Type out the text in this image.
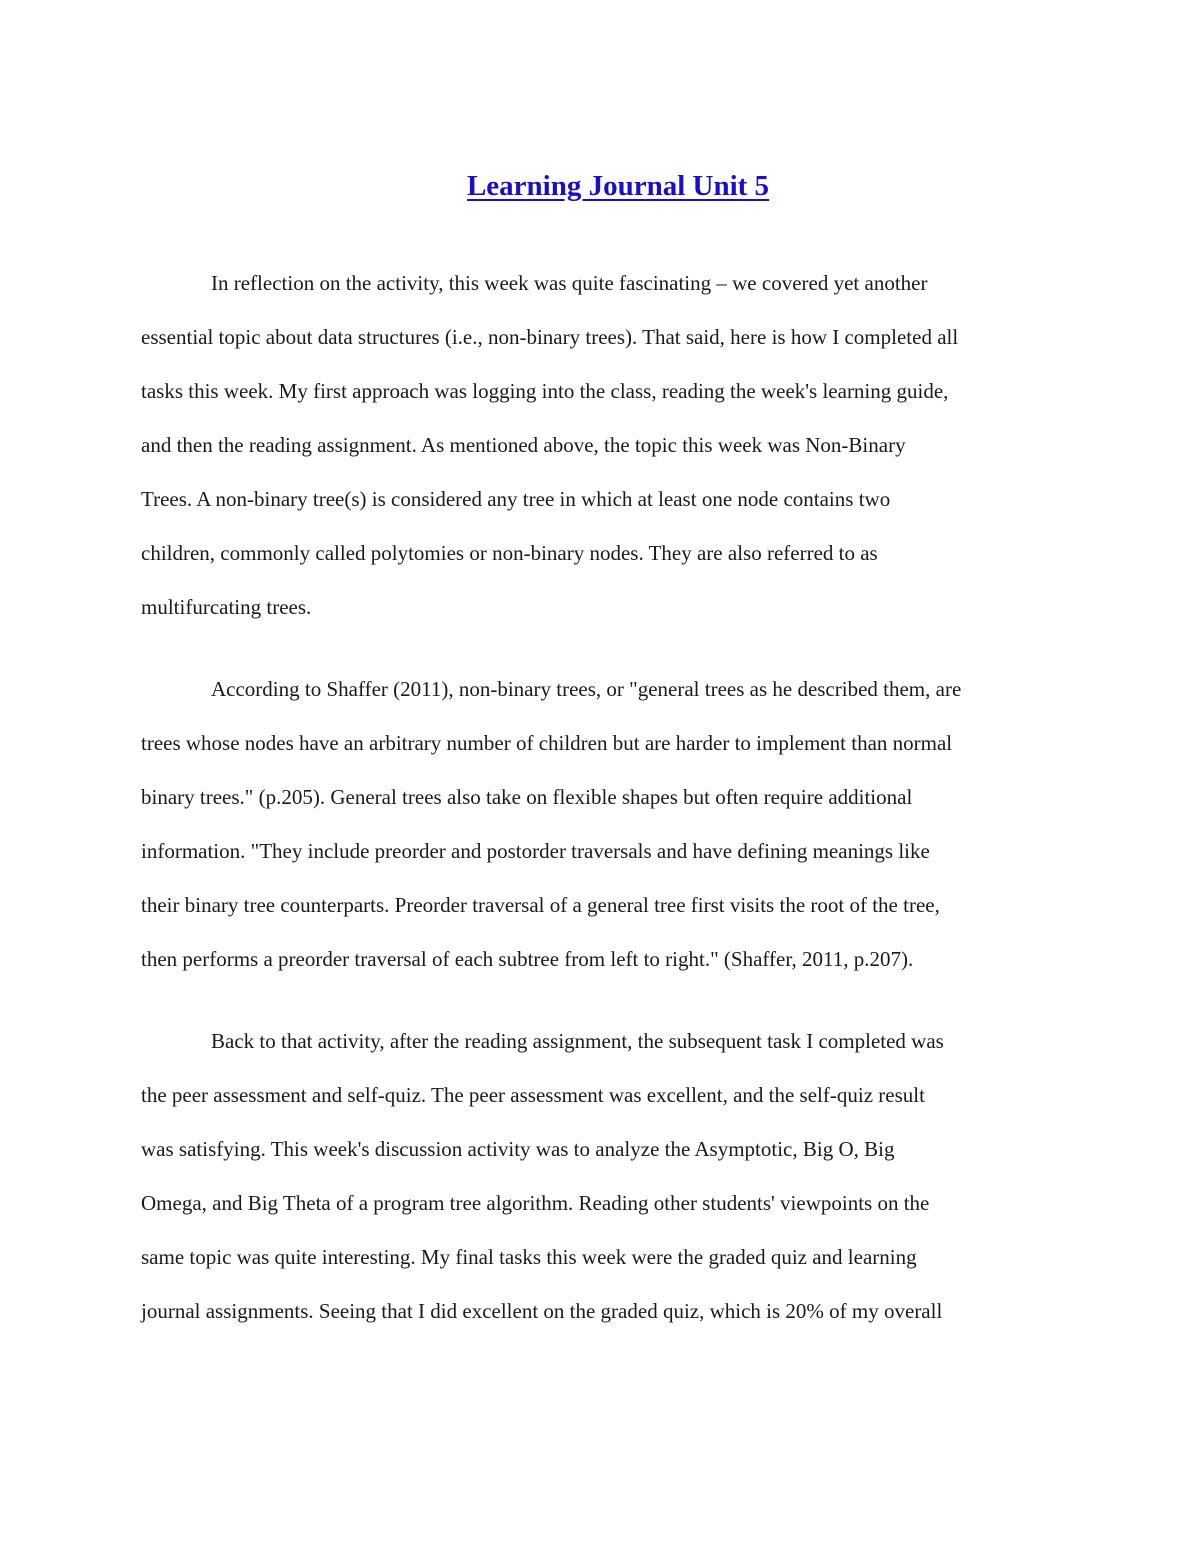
Learning Journal Unit 5

In reflection on the activity, this week was quite fascinating – we covered yet another

essential topic about data structures (i.e., non-binary trees). That said, here is how I completed all

tasks this week. My first approach was logging into the class, reading the week's learning guide,

and then the reading assignment. As mentioned above, the topic this week was Non-Binary

Trees. A non-binary tree(s) is considered any tree in which at least one node contains two

children, commonly called polytomies or non-binary nodes. They are also referred to as

multifurcating trees.

According to Shaffer (2011), non-binary trees, or "general trees as he described them, are

trees whose nodes have an arbitrary number of children but are harder to implement than normal

binary trees." (p.205). General trees also take on flexible shapes but often require additional

information. "They include preorder and postorder traversals and have defining meanings like

their binary tree counterparts. Preorder traversal of a general tree first visits the root of the tree,

then performs a preorder traversal of each subtree from left to right." (Shaffer, 2011, p.207).

Back to that activity, after the reading assignment, the subsequent task I completed was

the peer assessment and self-quiz. The peer assessment was excellent, and the self-quiz result

was satisfying. This week's discussion activity was to analyze the Asymptotic, Big O, Big

Omega, and Big Theta of a program tree algorithm. Reading other students' viewpoints on the

same topic was quite interesting. My final tasks this week were the graded quiz and learning

journal assignments. Seeing that I did excellent on the graded quiz, which is 20% of my overall
